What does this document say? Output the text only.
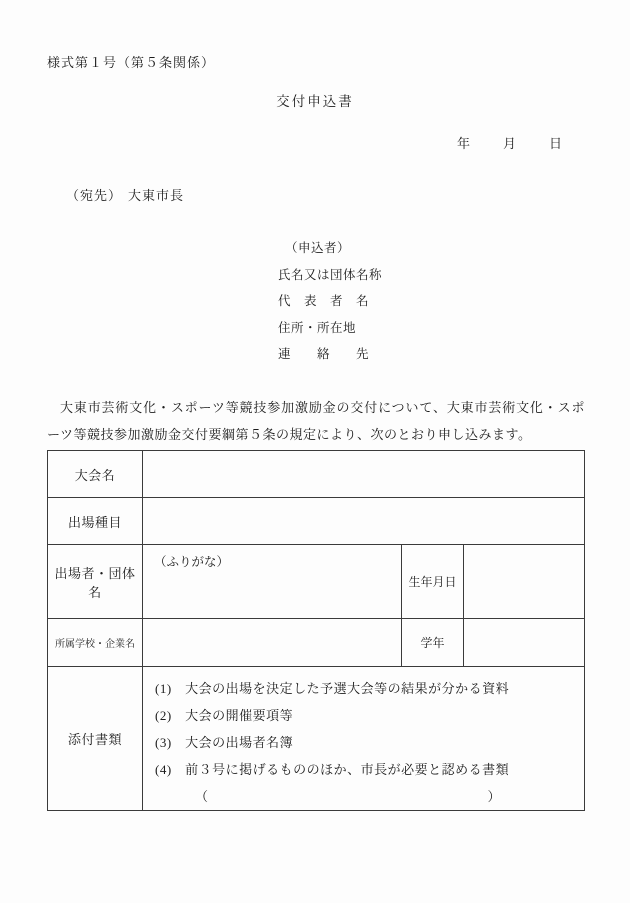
様式第１号（第５条関係）
交付申込書
年	月	日
（宛先） 大東市長
（申込者）
氏名又は団体名称
代　表　者　名
住所・所在地
連　　絡　　先
大東市芸術文化・スポーツ等競技参加激励金の交付について、大東市芸術文化・スポーツ等競技参加激励金交付要綱第５条の規定により、次のとおり申し込みます。
大会名			
出場種目			
出場者・団体名	（ふりがな）	生年月日	
所属学校・企業名		学年	
添付書類	
(1)　大会の出場を決定した予選大会等の結果が分かる資料
(2)　大会の開催要項等
(3)　大会の出場者名簿
(4)　前３号に掲げるもののほか、市長が必要と認める書類
（	）
